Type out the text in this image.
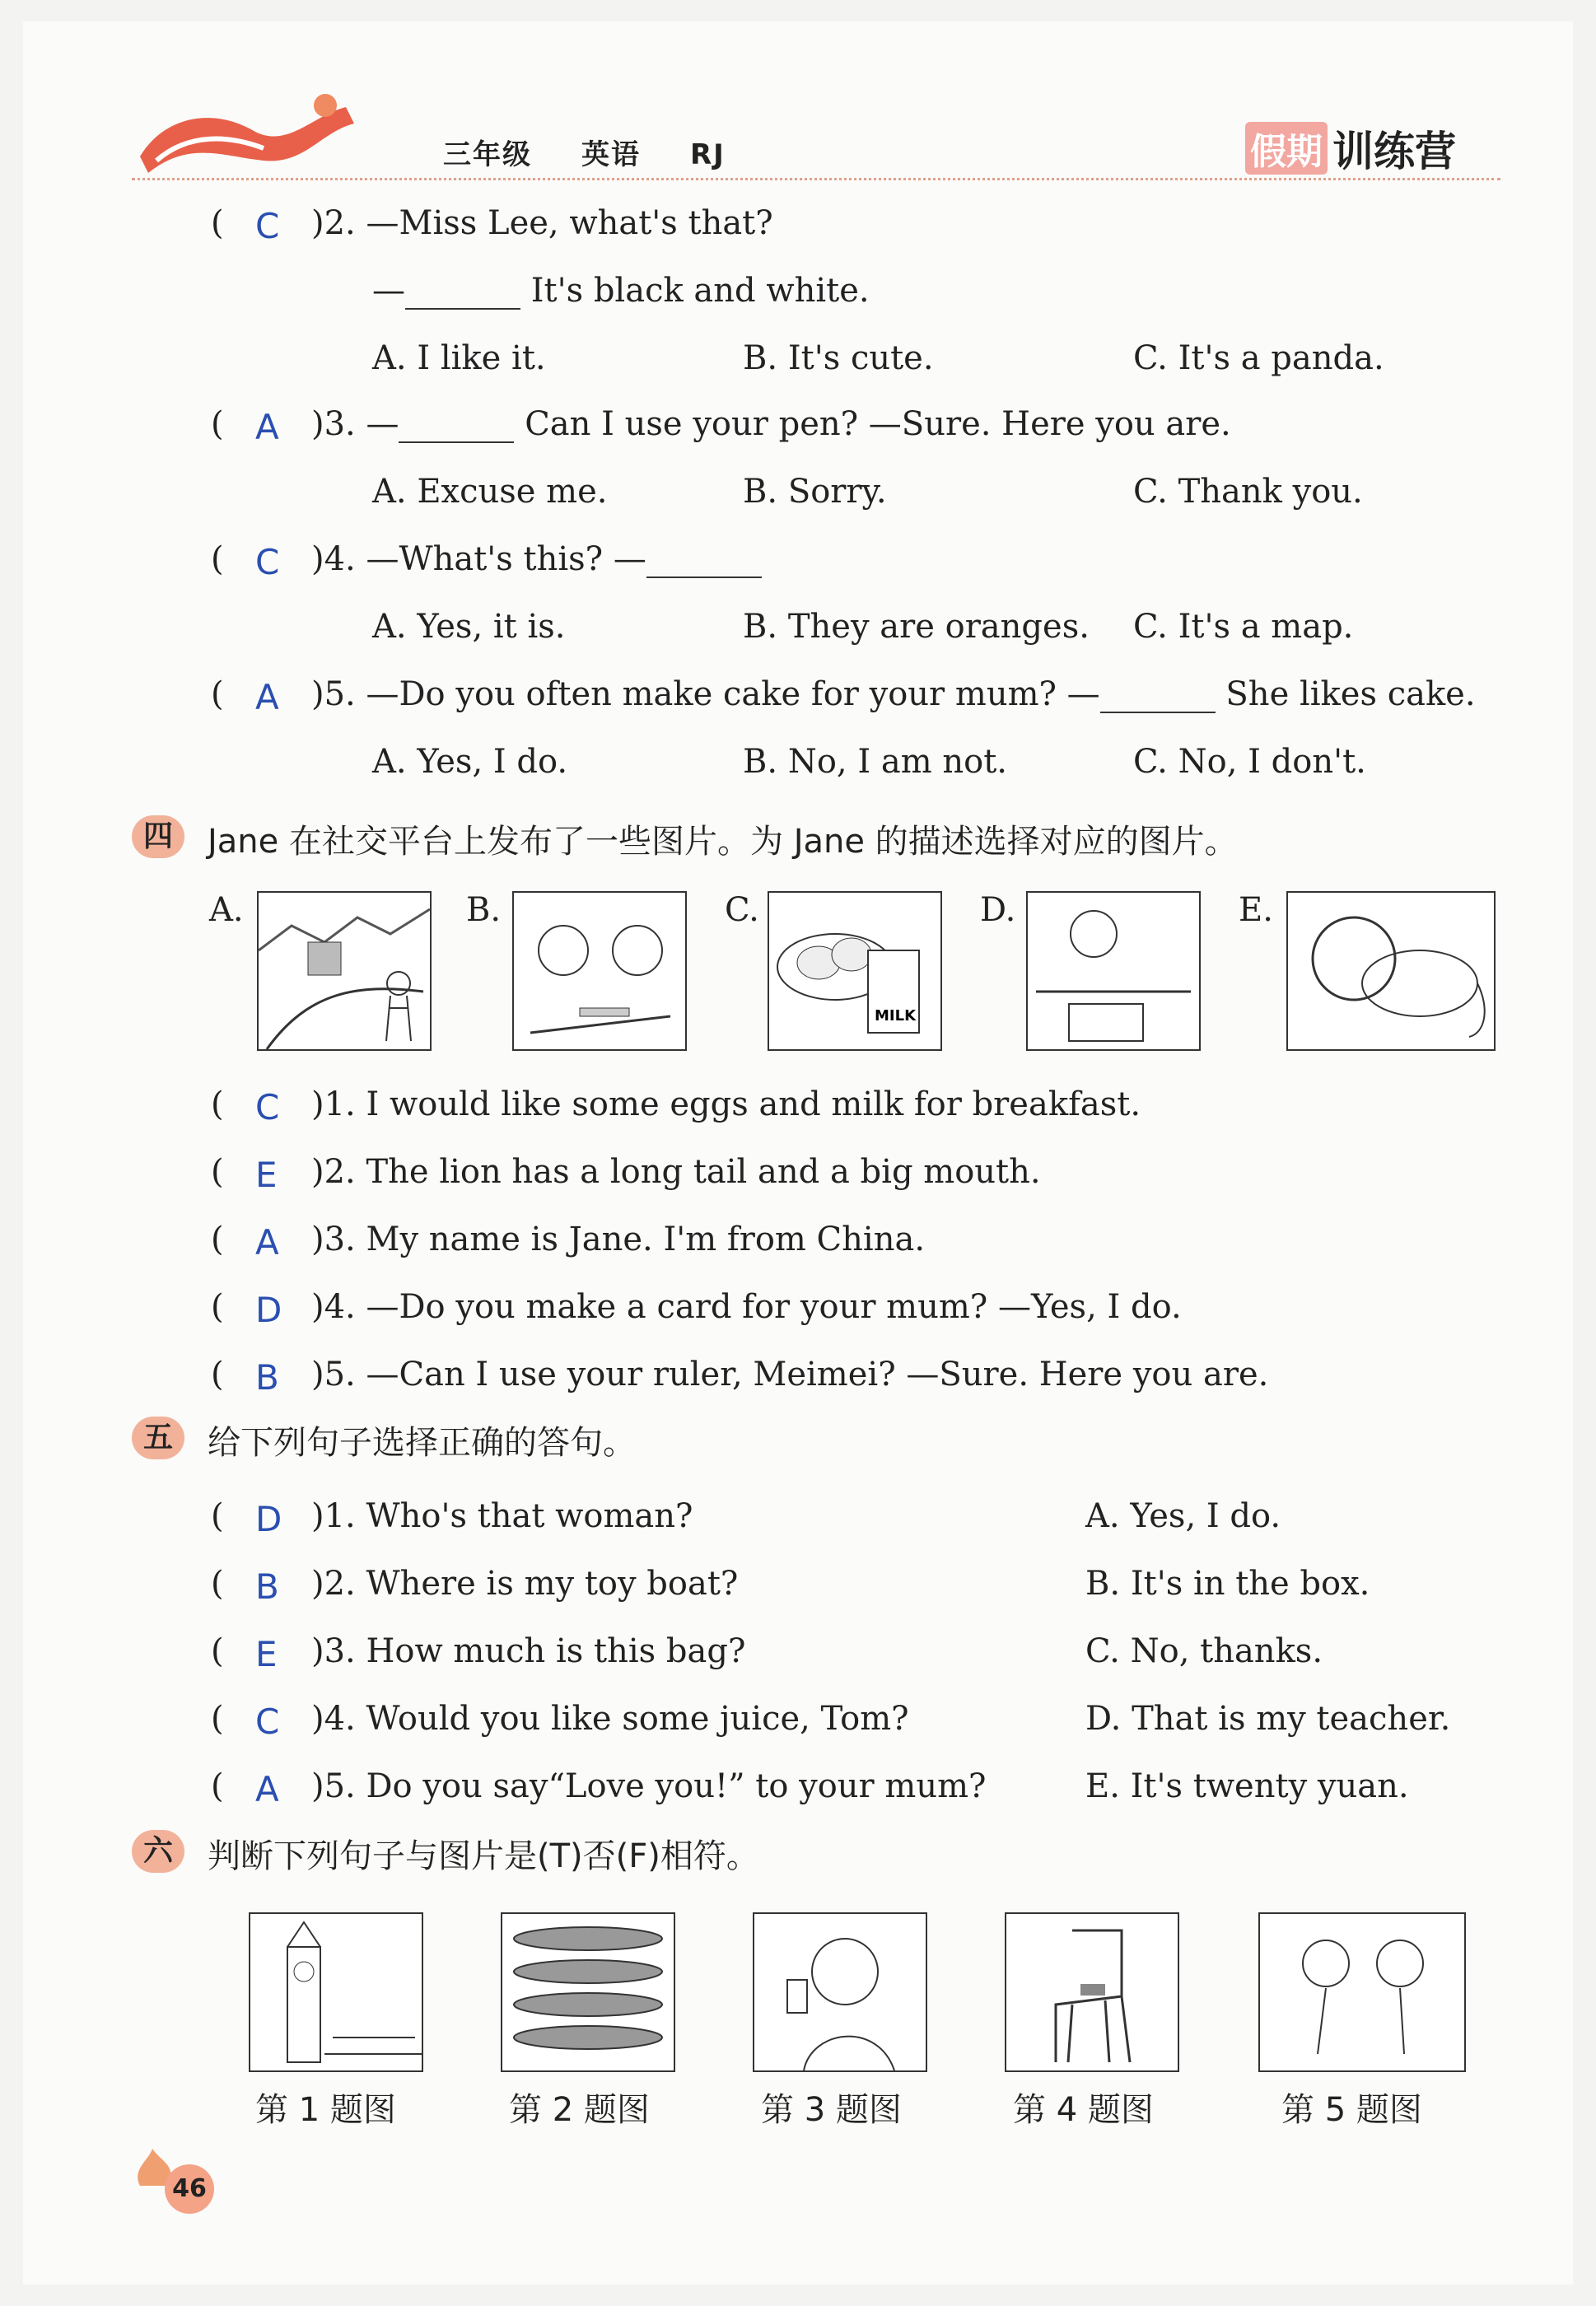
三年级 英语 RJ	假期 训练营
( C )2. —Miss Lee, what's that?
—	It's black and white.
A. I like it.	B. It's cute.	C. It's a panda.
( A )3. —	Can I use your pen? —Sure. Here you are.
A. Excuse me.	B. Sorry.	C. Thank you.
( C )4. —What's this? —
A. Yes, it is.	B. They are oranges. C. It's a map.
( A )5. —Do you often make cake for your mum? —	She likes cake.
A. Yes, I do.	B. No, I am not.	C. No, I don't.
四	Jane 在社交平台上发布了一些图片。为 Jane 的描述选择对应的图片。
A.	B.	C.
MILK
D.	E.
( C )1. I would like some eggs and milk for breakfast.
( E )2. The lion has a long tail and a big mouth.
( A )3. My name is Jane. I'm from China.
( D )4. —Do you make a card for your mum? —Yes, I do.
( B )5. —Can I use your ruler, Meimei? —Sure. Here you are.
五	给下列句子选择正确的答句。
( D )1. Who's that woman?	A. Yes, I do.
( B )2. Where is my toy boat?	B. It's in the box.
( E )3. How much is this bag?	C. No, thanks.
( C )4. Would you like some juice, Tom?	D. That is my teacher.
( A )5. Do you say“Love you!” to your mum?	E. It's twenty yuan.
六	判断下列句子与图片是(T)否(F)相符。
第 1 题图	第 2 题图	第 3 题图	第 4 题图	第 5 题图
46
